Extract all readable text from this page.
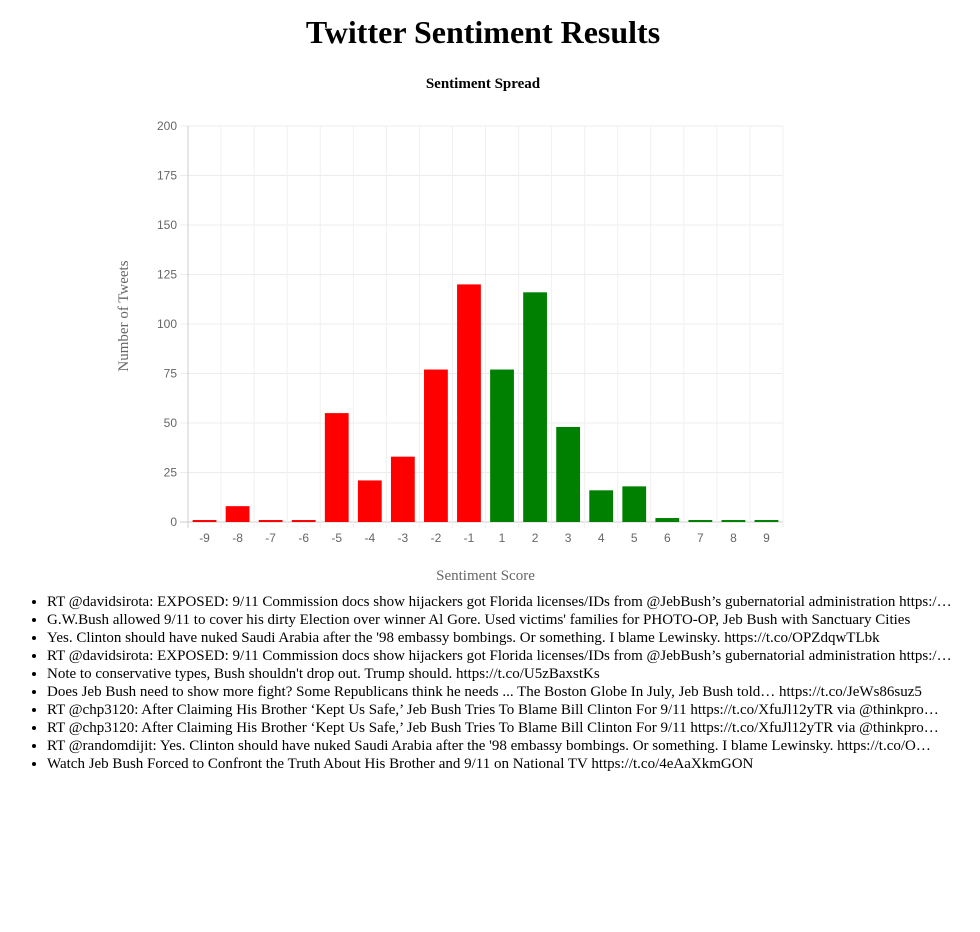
Twitter Sentiment Results
Sentiment Spread
Sentiment Score
Number of Tweets
0
25
50
75
100
125
150
175
200
-9 -8 -7 -6 -5 -4 -3 -2 -1 1 2 3 4 5 6 7 8 9
• RT @davidsirota: EXPOSED: 9/11 Commission docs show hijackers got Florida licenses/IDs from @JebBush’s gubernatorial administration https:/…
• G.W.Bush allowed 9/11 to cover his dirty Election over winner Al Gore. Used victims' families for PHOTO-OP, Jeb Bush with Sanctuary Cities
• Yes. Clinton should have nuked Saudi Arabia after the '98 embassy bombings. Or something. I blame Lewinsky. https://t.co/OPZdqwTLbk
• RT @davidsirota: EXPOSED: 9/11 Commission docs show hijackers got Florida licenses/IDs from @JebBush’s gubernatorial administration https:/…
• Note to conservative types, Bush shouldn't drop out. Trump should. https://t.co/U5zBaxstKs
• Does Jeb Bush need to show more fight? Some Republicans think he needs ... The Boston Globe In July, Jeb Bush told… https://t.co/JeWs86suz5
• RT @chp3120: After Claiming His Brother ‘Kept Us Safe,’ Jeb Bush Tries To Blame Bill Clinton For 9/11 https://t.co/XfuJl12yTR via @thinkpro…
• RT @chp3120: After Claiming His Brother ‘Kept Us Safe,’ Jeb Bush Tries To Blame Bill Clinton For 9/11 https://t.co/XfuJl12yTR via @thinkpro…
• RT @randomdijit: Yes. Clinton should have nuked Saudi Arabia after the '98 embassy bombings. Or something. I blame Lewinsky. https://t.co/O…
• Watch Jeb Bush Forced to Confront the Truth About His Brother and 9/11 on National TV https://t.co/4eAaXkmGON
